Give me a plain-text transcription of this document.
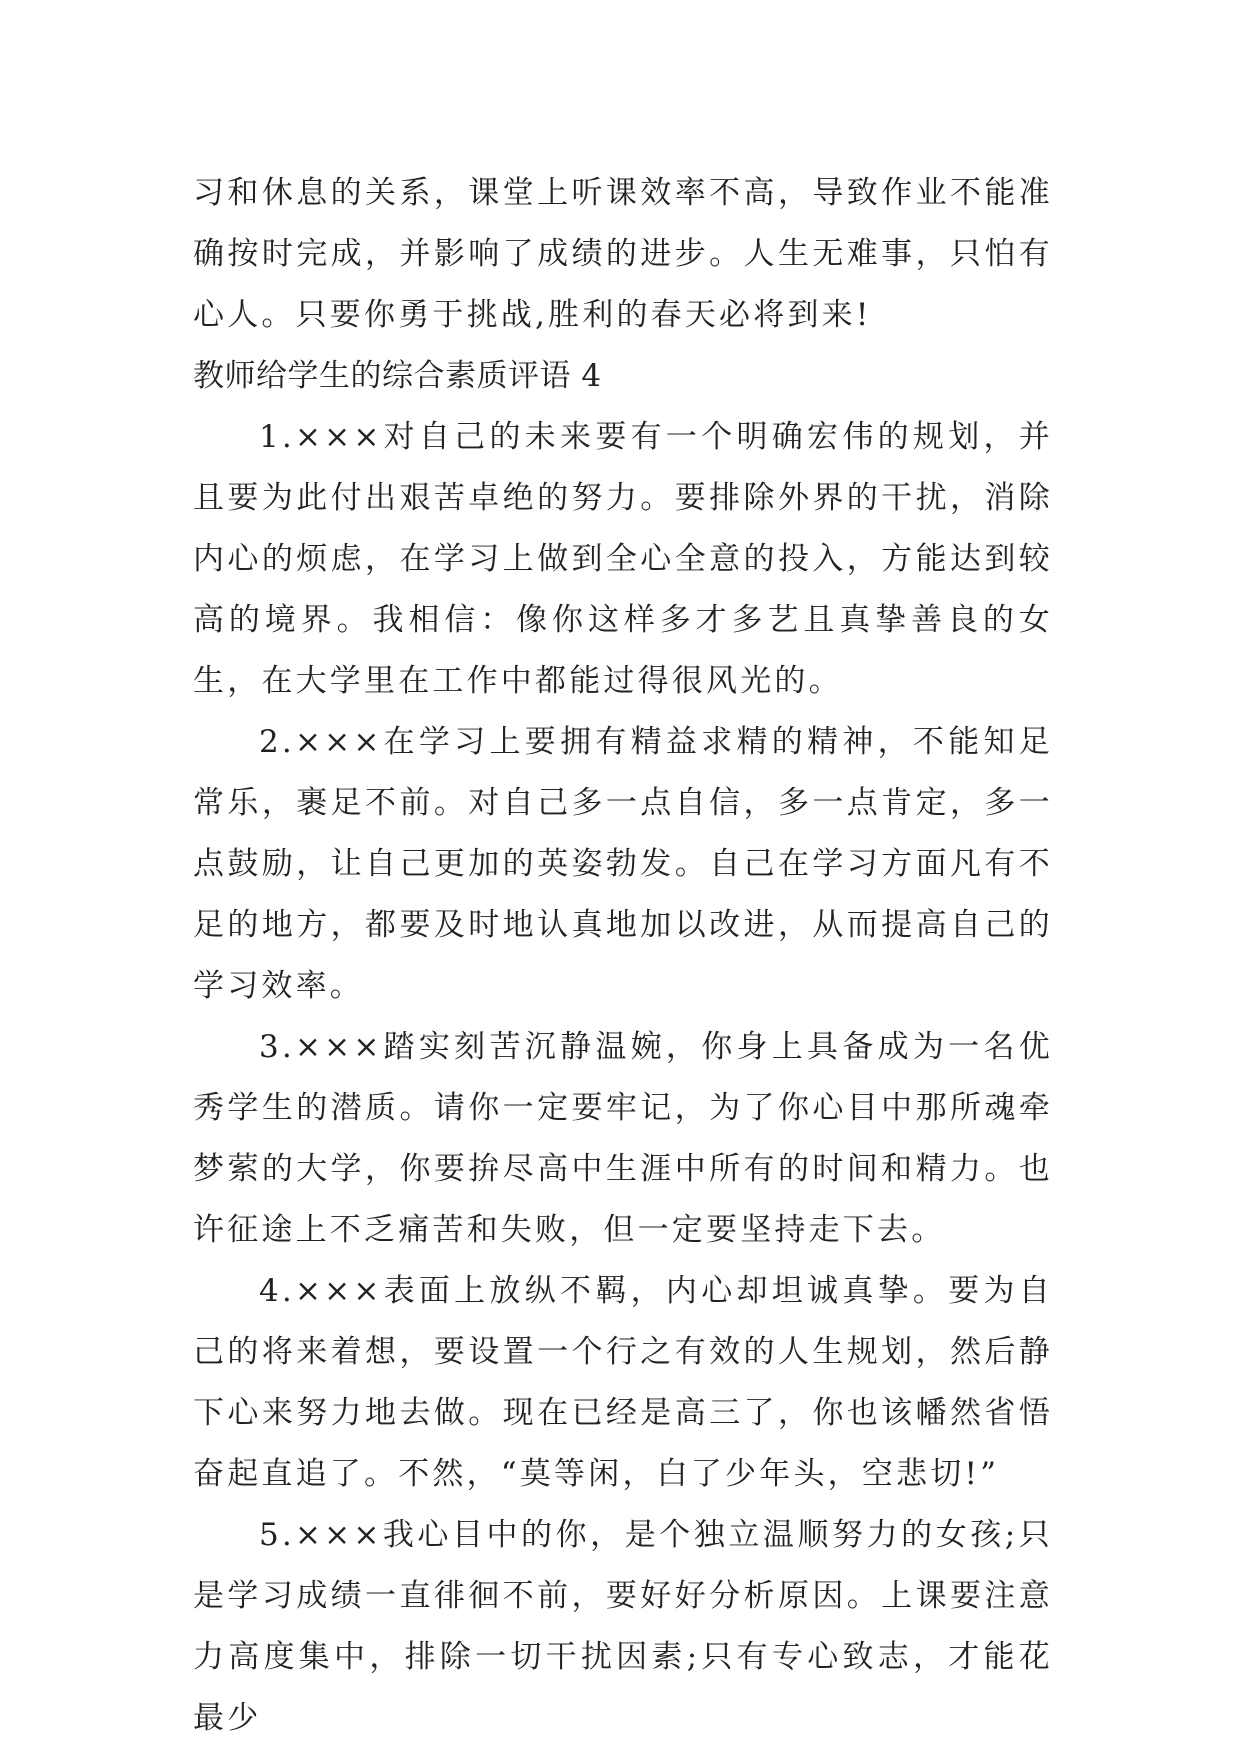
习和休息的关系，课堂上听课效率不高，导致作业不能准确按时完成，并影响了成绩的进步。人生无难事，只怕有心人。只要你勇于挑战,胜利的春天必将到来!

教师给学生的综合素质评语 4

1.×××对自己的未来要有一个明确宏伟的规划，并且要为此付出艰苦卓绝的努力。要排除外界的干扰，消除内心的烦虑，在学习上做到全心全意的投入，方能达到较高的境界。我相信：像你这样多才多艺且真挚善良的女生，在大学里在工作中都能过得很风光的。

2.×××在学习上要拥有精益求精的精神，不能知足常乐，裹足不前。对自己多一点自信，多一点肯定，多一点鼓励，让自己更加的英姿勃发。自己在学习方面凡有不足的地方，都要及时地认真地加以改进，从而提高自己的学习效率。

3.×××踏实刻苦沉静温婉，你身上具备成为一名优秀学生的潜质。请你一定要牢记，为了你心目中那所魂牵梦萦的大学，你要拚尽高中生涯中所有的时间和精力。也许征途上不乏痛苦和失败，但一定要坚持走下去。

4.×××表面上放纵不羁，内心却坦诚真挚。要为自己的将来着想，要设置一个行之有效的人生规划，然后静下心来努力地去做。现在已经是高三了，你也该幡然省悟奋起直追了。不然，“莫等闲，白了少年头，空悲切!”

5.×××我心目中的你，是个独立温顺努力的女孩;只是学习成绩一直徘徊不前，要好好分析原因。上课要注意力高度集中，排除一切干扰因素;只有专心致志，才能花最少
